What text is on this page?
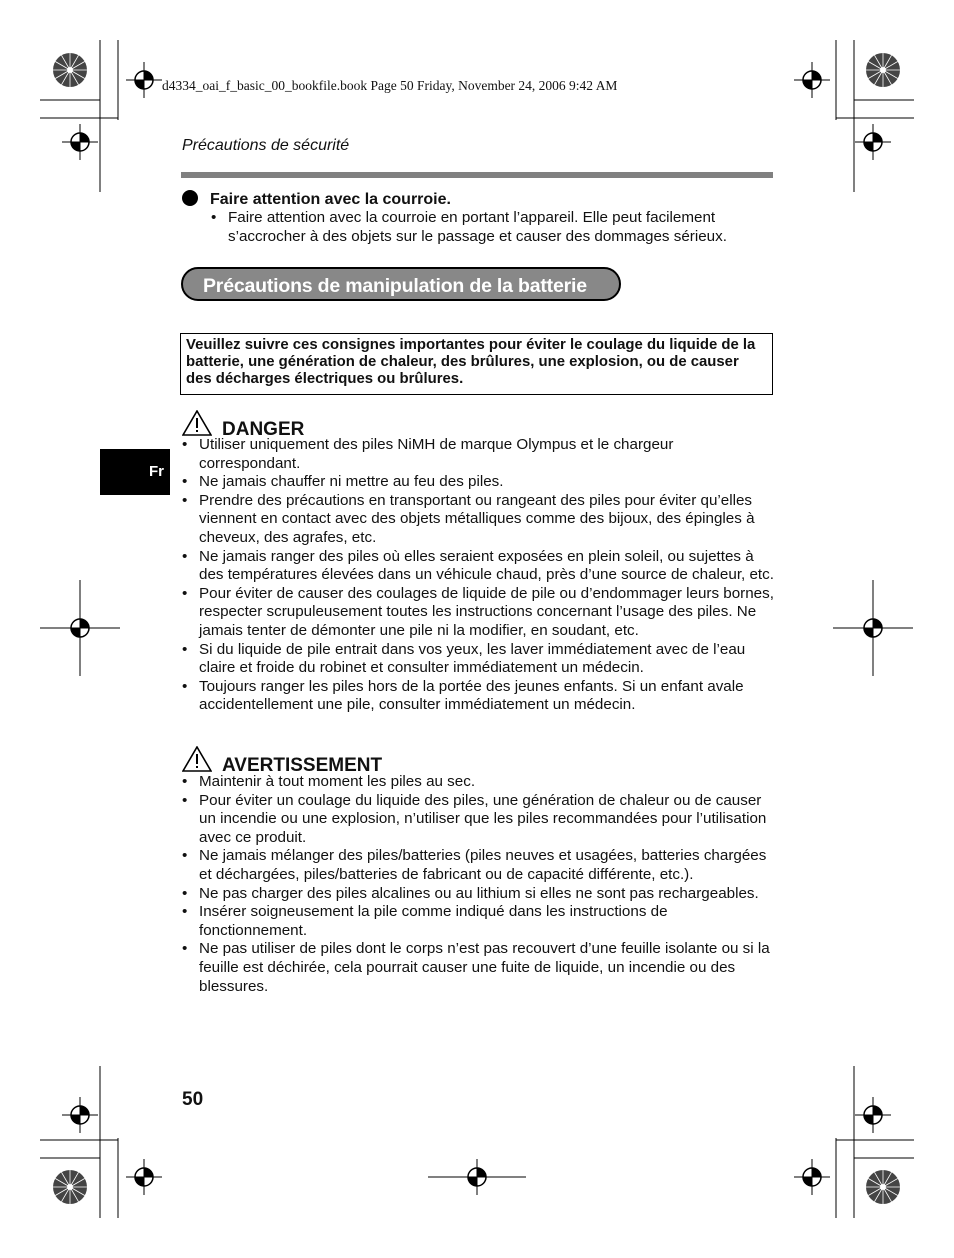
d4334_oai_f_basic_00_bookfile.book Page 50 Friday, November 24, 2006 9:42 AM
Précautions de sécurité
Faire attention avec la courroie.
• Faire attention avec la courroie en portant l’appareil. Elle peut facilement s’accrocher à des objets sur le passage et causer des dommages sérieux.
Précautions de manipulation de la batterie
Veuillez suivre ces consignes importantes pour éviter le coulage du liquide de la batterie, une génération de chaleur, des brûlures, une explosion, ou de causer des décharges électriques ou brûlures.
Fr
DANGER
• Utiliser uniquement des piles NiMH de marque Olympus et le chargeur correspondant.
• Ne jamais chauffer ni mettre au feu des piles.
• Prendre des précautions en transportant ou rangeant des piles pour éviter qu’elles viennent en contact avec des objets métalliques comme des bijoux, des épingles à cheveux, des agrafes, etc.
• Ne jamais ranger des piles où elles seraient exposées en plein soleil, ou sujettes à des températures élevées dans un véhicule chaud, près d’une source de chaleur, etc.
• Pour éviter de causer des coulages de liquide de pile ou d’endommager leurs bornes, respecter scrupuleusement toutes les instructions concernant l’usage des piles. Ne jamais tenter de démonter une pile ni la modifier, en soudant, etc.
• Si du liquide de pile entrait dans vos yeux, les laver immédiatement avec de l’eau claire et froide du robinet et consulter immédiatement un médecin.
• Toujours ranger les piles hors de la portée des jeunes enfants. Si un enfant avale accidentellement une pile, consulter immédiatement un médecin.
AVERTISSEMENT
• Maintenir à tout moment les piles au sec.
• Pour éviter un coulage du liquide des piles, une génération de chaleur ou de causer un incendie ou une explosion, n’utiliser que les piles recommandées pour l’utilisation avec ce produit.
• Ne jamais mélanger des piles/batteries (piles neuves et usagées, batteries chargées et déchargées, piles/batteries de fabricant ou de capacité différente, etc.).
• Ne pas charger des piles alcalines ou au lithium si elles ne sont pas rechargeables.
• Insérer soigneusement la pile comme indiqué dans les instructions de fonctionnement.
• Ne pas utiliser de piles dont le corps n’est pas recouvert d’une feuille isolante ou si la feuille est déchirée, cela pourrait causer une fuite de liquide, un incendie ou des blessures.
50
